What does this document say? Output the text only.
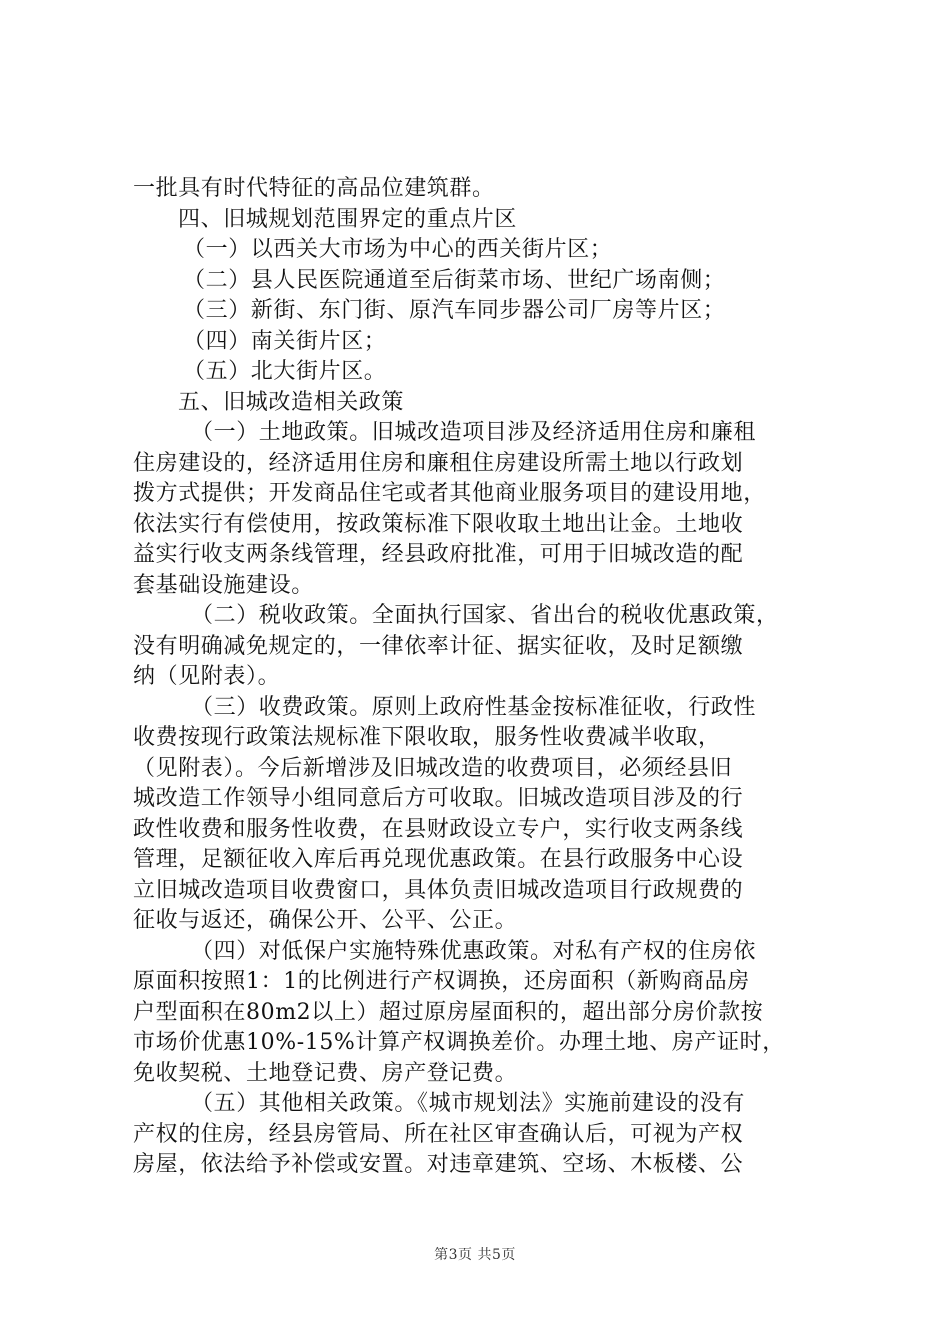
一批具有时代特征的高品位建筑群。
四、旧城规划范围界定的重点片区
（一）以西关大市场为中心的西关街片区；
（二）县人民医院通道至后街菜市场、世纪广场南侧；
（三）新街、东门街、原汽车同步器公司厂房等片区；
（四）南关街片区；
（五）北大街片区。
五、旧城改造相关政策
（一）土地政策。旧城改造项目涉及经济适用住房和廉租
住房建设的，经济适用住房和廉租住房建设所需土地以行政划
拨方式提供；开发商品住宅或者其他商业服务项目的建设用地，
依法实行有偿使用，按政策标准下限收取土地出让金。土地收
益实行收支两条线管理，经县政府批准，可用于旧城改造的配
套基础设施建设。
（二）税收政策。全面执行国家、省出台的税收优惠政策，
没有明确减免规定的，一律依率计征、据实征收，及时足额缴
纳（见附表）。
（三）收费政策。原则上政府性基金按标准征收，行政性
收费按现行政策法规标准下限收取，服务性收费减半收取，
（见附表）。今后新增涉及旧城改造的收费项目，必须经县旧
城改造工作领导小组同意后方可收取。旧城改造项目涉及的行
政性收费和服务性收费，在县财政设立专户，实行收支两条线
管理，足额征收入库后再兑现优惠政策。在县行政服务中心设
立旧城改造项目收费窗口，具体负责旧城改造项目行政规费的
征收与返还，确保公开、公平、公正。
（四）对低保户实施特殊优惠政策。对私有产权的住房依
原面积按照1：1的比例进行产权调换，还房面积（新购商品房
户型面积在80m2以上）超过原房屋面积的，超出部分房价款按
市场价优惠10%-15%计算产权调换差价。办理土地、房产证时，
免收契税、土地登记费、房产登记费。
（五）其他相关政策。《城市规划法》实施前建设的没有
产权的住房，经县房管局、所在社区审查确认后，可视为产权
房屋，依法给予补偿或安置。对违章建筑、空场、木板楼、公
第3页 共5页
